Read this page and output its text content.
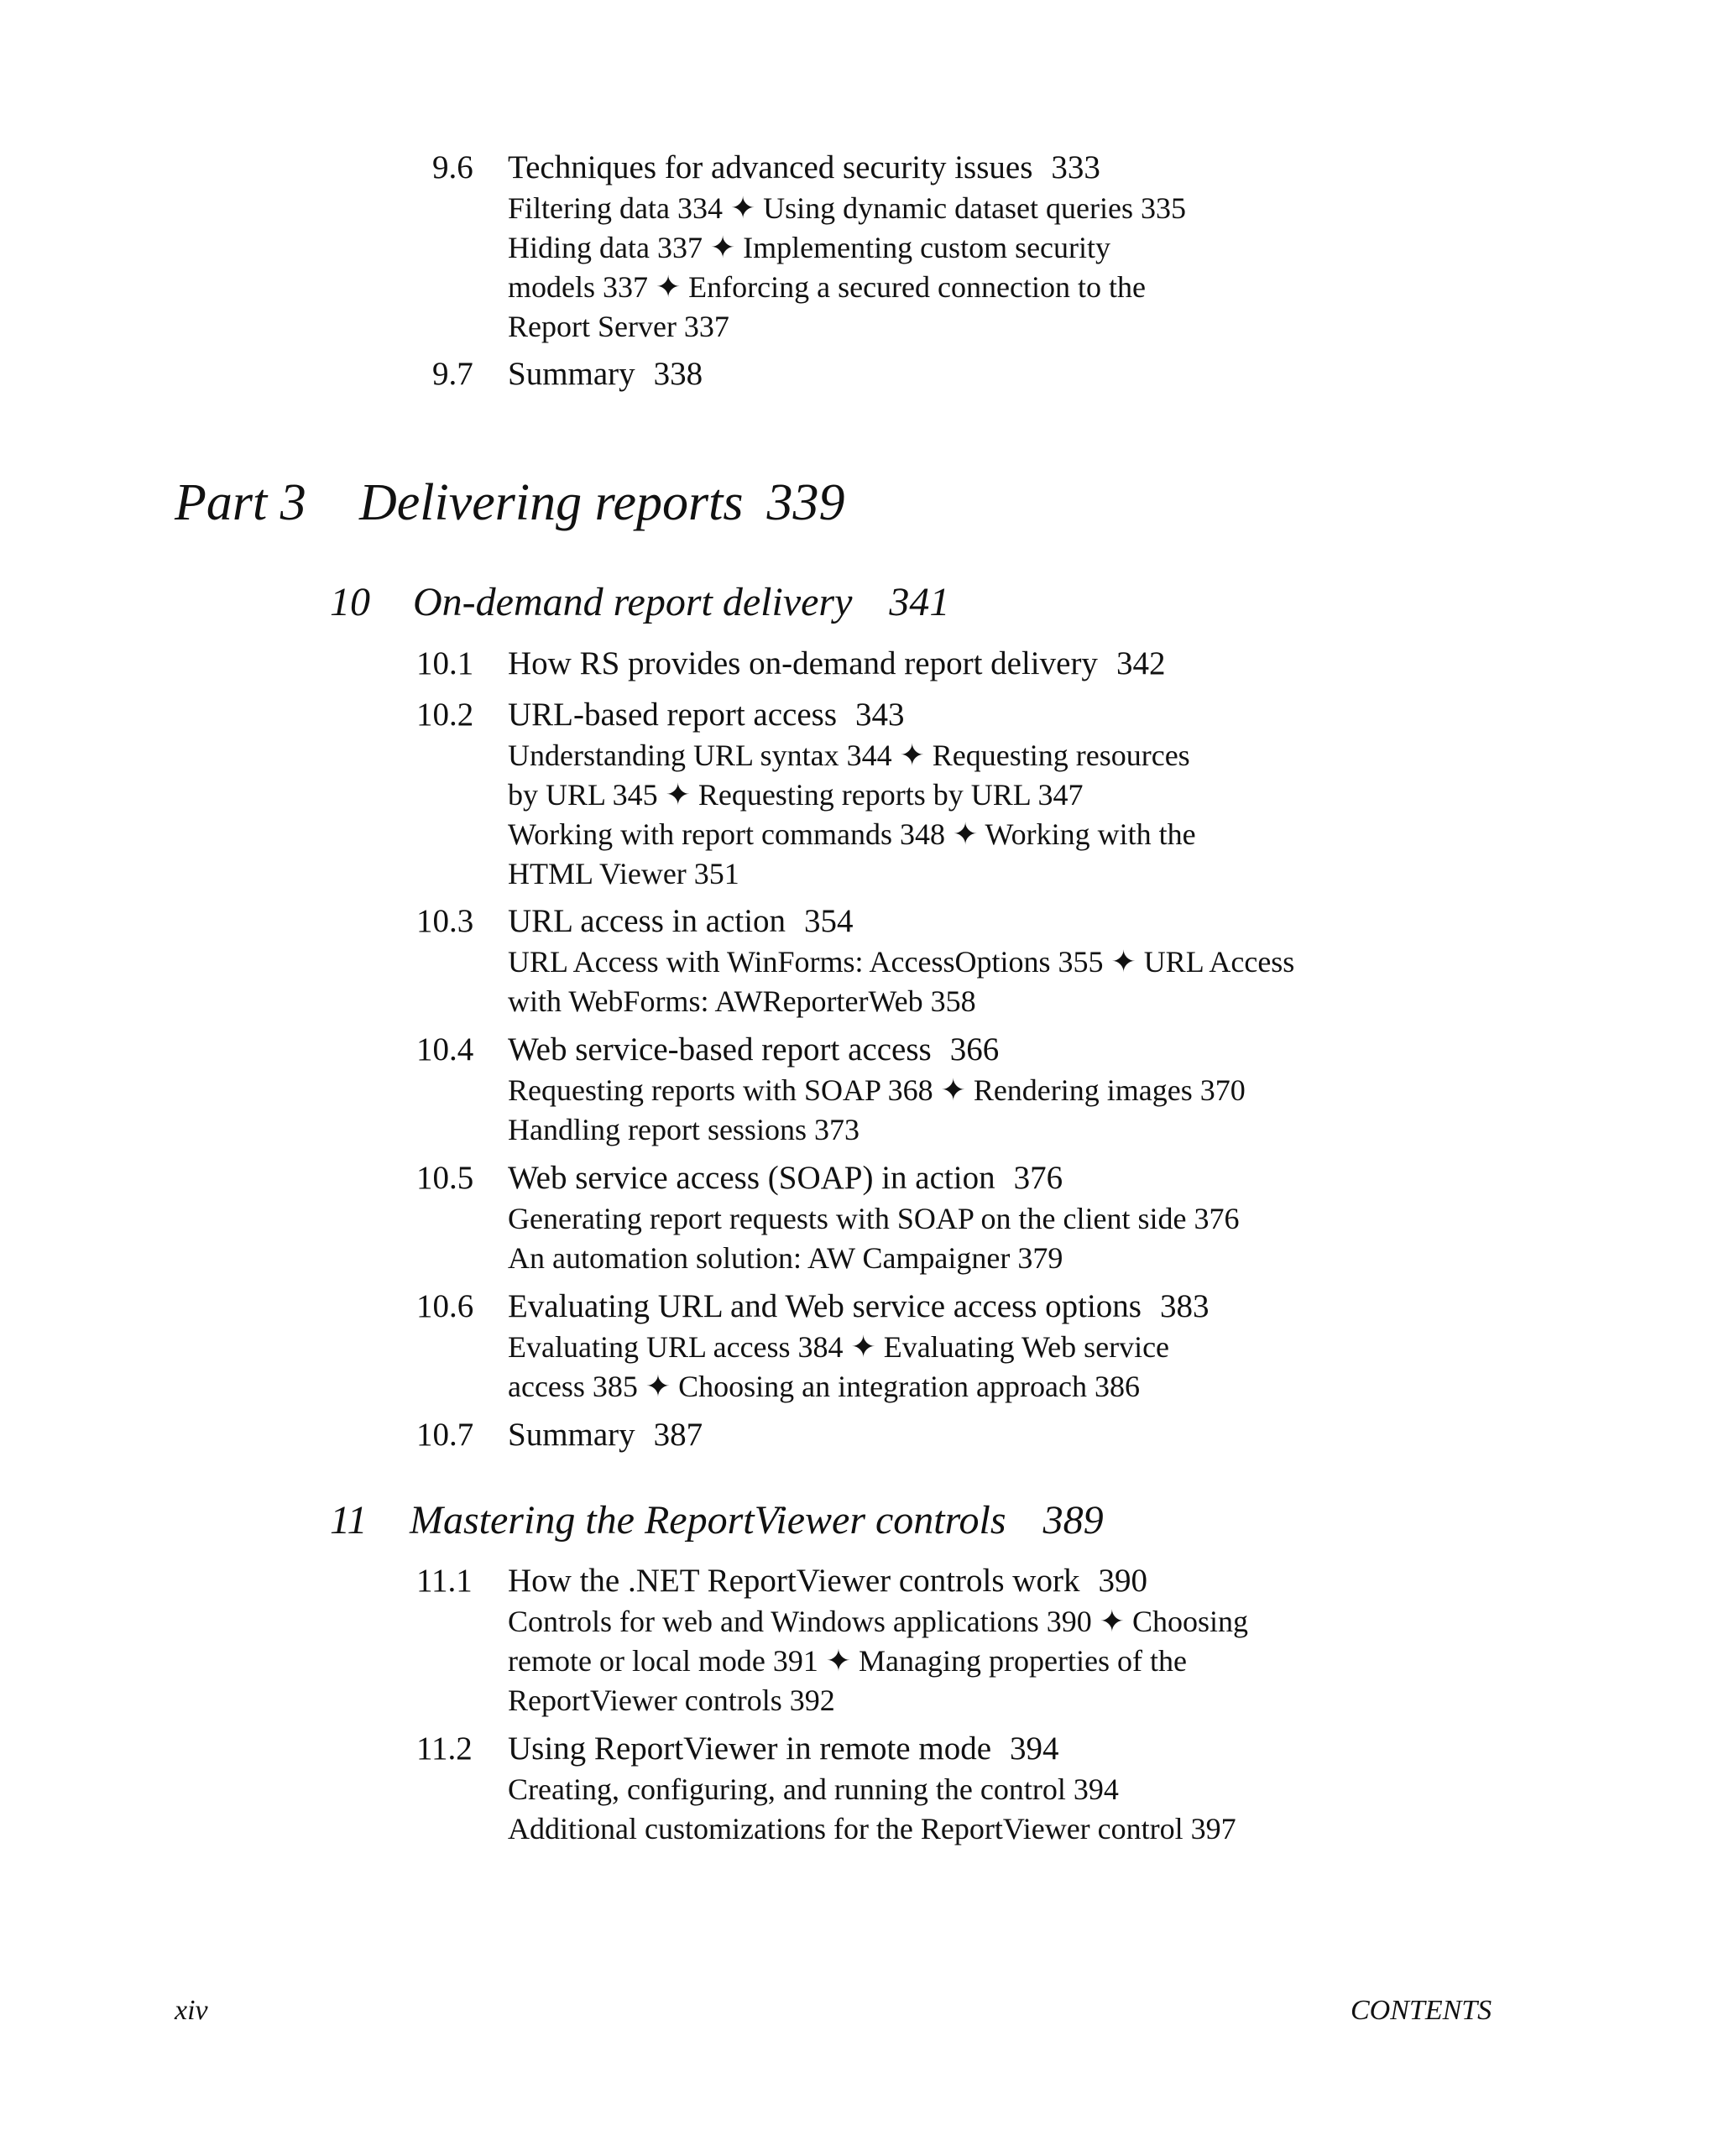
9.6 Techniques for advanced security issues 333
Filtering data 334 ✦ Using dynamic dataset queries 335
Hiding data 337 ✦ Implementing custom security
models 337 ✦ Enforcing a secured connection to the
Report Server 337
9.7 Summary 338
Part 3 Delivering reports 339
10 On-demand report delivery 341
10.1 How RS provides on-demand report delivery 342
10.2 URL-based report access 343
Understanding URL syntax 344 ✦ Requesting resources
by URL 345 ✦ Requesting reports by URL 347
Working with report commands 348 ✦ Working with the
HTML Viewer 351
10.3 URL access in action 354
URL Access with WinForms: AccessOptions 355 ✦ URL Access
with WebForms: AWReporterWeb 358
10.4 Web service-based report access 366
Requesting reports with SOAP 368 ✦ Rendering images 370
Handling report sessions 373
10.5 Web service access (SOAP) in action 376
Generating report requests with SOAP on the client side 376
An automation solution: AW Campaigner 379
10.6 Evaluating URL and Web service access options 383
Evaluating URL access 384 ✦ Evaluating Web service
access 385 ✦ Choosing an integration approach 386
10.7 Summary 387
11 Mastering the ReportViewer controls 389
11.1 How the .NET ReportViewer controls work 390
Controls for web and Windows applications 390 ✦ Choosing
remote or local mode 391 ✦ Managing properties of the
ReportViewer controls 392
11.2 Using ReportViewer in remote mode 394
Creating, configuring, and running the control 394
Additional customizations for the ReportViewer control 397
xiv	CONTENTS
